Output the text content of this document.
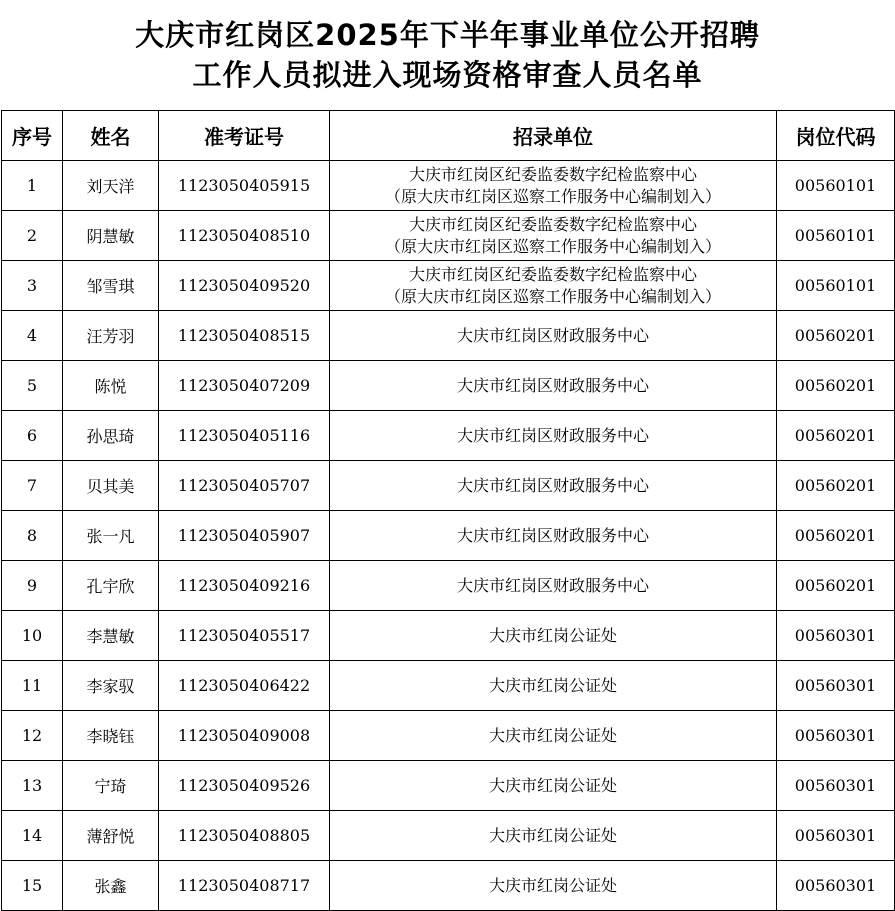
大庆市红岗区2025年下半年事业单位公开招聘
工作人员拟进入现场资格审查人员名单
序号	姓名	准考证号	招录单位	岗位代码
1	刘天洋	1123050405915	大庆市红岗区纪委监委数字纪检监察中心
（原大庆市红岗区巡察工作服务中心编制划入）	00560101
2	阴慧敏	1123050408510	大庆市红岗区纪委监委数字纪检监察中心
（原大庆市红岗区巡察工作服务中心编制划入）	00560101
3	邹雪琪	1123050409520	大庆市红岗区纪委监委数字纪检监察中心
（原大庆市红岗区巡察工作服务中心编制划入）	00560101
4	汪芳羽	1123050408515	大庆市红岗区财政服务中心	00560201
5	陈悦	1123050407209	大庆市红岗区财政服务中心	00560201
6	孙思琦	1123050405116	大庆市红岗区财政服务中心	00560201
7	贝其美	1123050405707	大庆市红岗区财政服务中心	00560201
8	张一凡	1123050405907	大庆市红岗区财政服务中心	00560201
9	孔宇欣	1123050409216	大庆市红岗区财政服务中心	00560201
10	李慧敏	1123050405517	大庆市红岗公证处	00560301
11	李家驭	1123050406422	大庆市红岗公证处	00560301
12	李晓钰	1123050409008	大庆市红岗公证处	00560301
13	宁琦	1123050409526	大庆市红岗公证处	00560301
14	薄舒悦	1123050408805	大庆市红岗公证处	00560301
15	张鑫	1123050408717	大庆市红岗公证处	00560301
